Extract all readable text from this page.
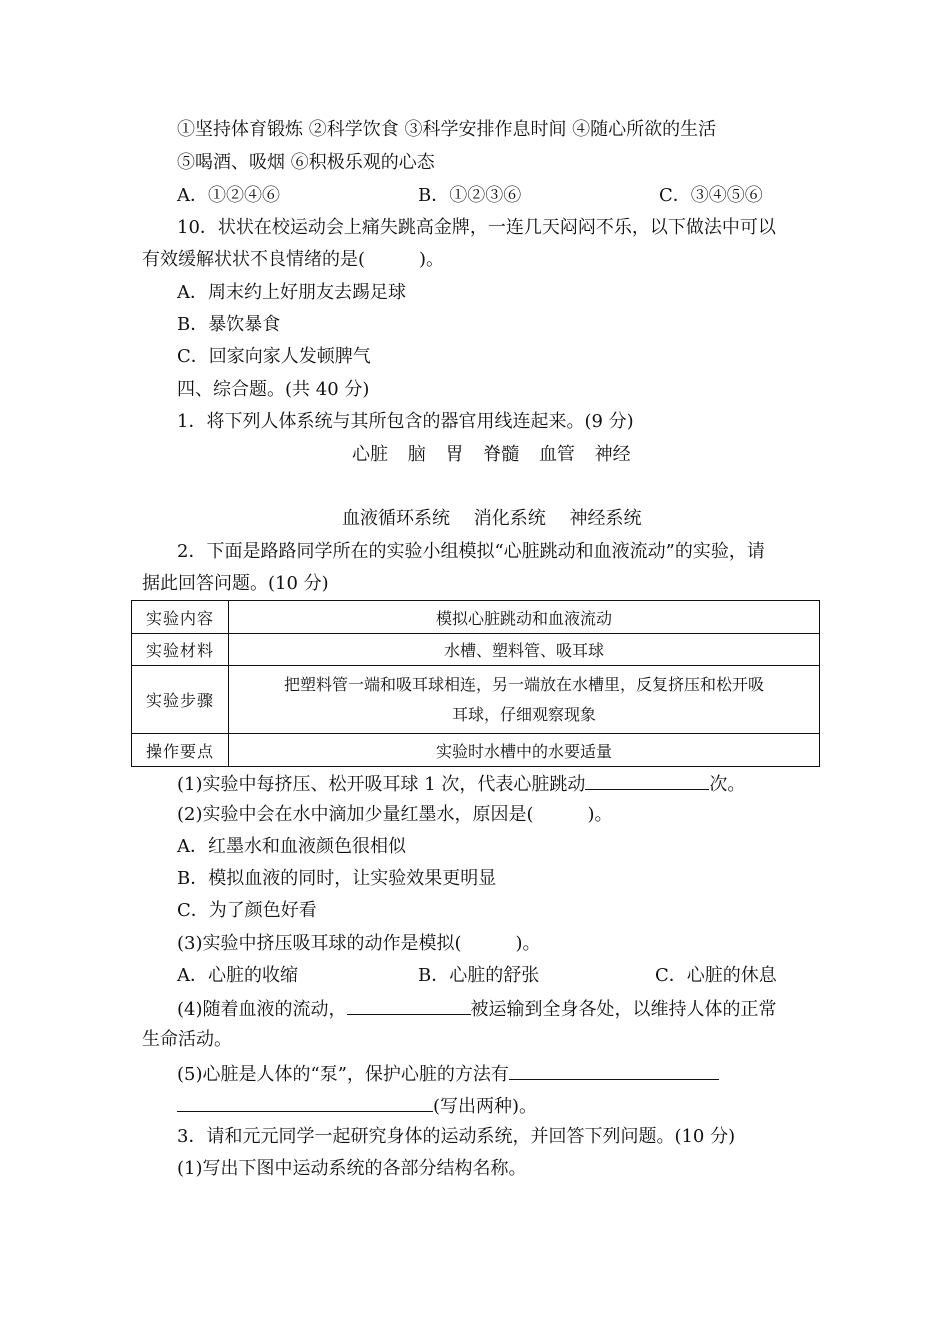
①坚持体育锻炼 ②科学饮食 ③科学安排作息时间 ④随心所欲的生活
⑤喝酒、吸烟 ⑥积极乐观的心态
A．①②④⑥	B．①②③⑥	C．③④⑤⑥
10．状状在校运动会上痛失跳高金牌，一连几天闷闷不乐，以下做法中可以
有效缓解状状不良情绪的是(　　　)。
A．周末约上好朋友去踢足球
B．暴饮暴食
C．回家向家人发顿脾气
四、综合题。(共 40 分)
1．将下列人体系统与其所包含的器官用线连起来。(9 分)
心脏 脑 胃 脊髓 血管 神经
血液循环系统 消化系统 神经系统
2．下面是路路同学所在的实验小组模拟“心脏跳动和血液流动”的实验，请
据此回答问题。(10 分)
实验内容	模拟心脏跳动和血液流动
实验材料	水槽、塑料管、吸耳球
实验步骤	把塑料管一端和吸耳球相连，另一端放在水槽里，反复挤压和松开吸
耳球，仔细观察现象
操作要点	实验时水槽中的水要适量
(1)实验中每挤压、松开吸耳球 1 次，代表心脏跳动	次。
(2)实验中会在水中滴加少量红墨水，原因是(　　　)。
A．红墨水和血液颜色很相似
B．模拟血液的同时，让实验效果更明显
C．为了颜色好看
(3)实验中挤压吸耳球的动作是模拟(　　　)。
A．心脏的收缩	B．心脏的舒张	C．心脏的休息
(4)随着血液的流动，	被运输到全身各处，以维持人体的正常
生命活动。
(5)心脏是人体的“泵”，保护心脏的方法有
(写出两种)。
3．请和元元同学一起研究身体的运动系统，并回答下列问题。(10 分)
(1)写出下图中运动系统的各部分结构名称。
